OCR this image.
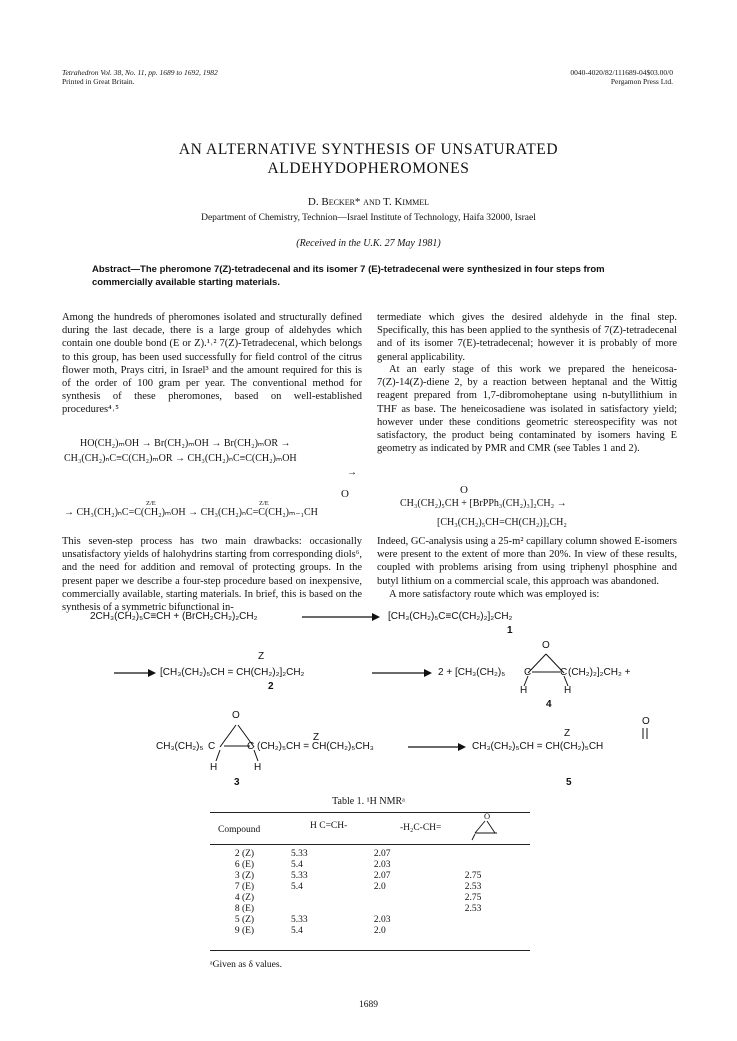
Tetrahedron Vol. 38, No. 11, pp. 1689 to 1692, 1982
Printed in Great Britain.
0040-4020/82/111689-04$03.00/0
Pergamon Press Ltd.
AN ALTERNATIVE SYNTHESIS OF UNSATURATED
ALDEHYDOPHEROMONES
D. Becker* and T. Kimmel
Department of Chemistry, Technion—Israel Institute of Technology, Haifa 32000, Israel
(Received in the U.K. 27 May 1981)
Abstract—The pheromone 7(Z)-tetradecenal and its isomer 7 (E)-tetradecenal were synthesized in four steps from commercially available starting materials.

Among the hundreds of pheromones isolated and structurally defined during the last decade, there is a large group of aldehydes which contain one double bond (E or Z).¹˒² 7(Z)-Tetradecenal, which belongs to this group, has been used successfully for field control of the citrus flower moth, Prays citri, in Israel³ and the amount required for this is of the order of 100 gram per year. The conventional method for synthesis of these pheromones, based on well-established procedures⁴˒⁵

HO(CH₂)ₘOH → Br(CH₂)ₘOH → Br(CH₂)ₘOR →
CH₃(CH₂)ₙC≡C(CH₂)ₘOR → CH₃(CH₂)ₙC≡C(CH₂)ₘOH
→
O
Z/E	Z/E
→ CH₃(CH₂)ₙC=C(CH₂)ₘOH → CH₃(CH₂)ₙC=C(CH₂)ₘ₋₁CH
This seven-step process has two main drawbacks: occasionally unsatisfactory yields of halohydrins starting from corresponding diols⁶, and the need for addition and removal of protecting groups. In the present paper we describe a four-step procedure based on inexpensive, commercially available, starting materials. In brief, this is based on the synthesis of a symmetric bifunctional in-
termediate which gives the desired aldehyde in the final step. Specifically, this has been applied to the synthesis of 7(Z)-tetradecenal and of its isomer 7(E)-tetradecenal; however it is probably of more general applicability.
At an early stage of this work we prepared the heneicosa-7(Z)-14(Z)-diene 2, by a reaction between heptanal and the Wittig reagent prepared from 1,7-dibromoheptane using n-butyllithium in THF as base. The heneicosadiene was isolated in satisfactory yield; however under these conditions geometric stereospecifity was not satisfactory, the product being contaminated by isomers having E geometry as indicated by PMR and CMR (see Tables 1 and 2).
O
CH₃(CH₂)₅CH + [BrPPh₃(CH₂)₃]₂CH₂ →
[CH₃(CH₂)₅CH=CH(CH₂)]₂CH₂
Indeed, GC-analysis using a 25-m² capillary column showed E-isomers were present to the extent of more than 20%. In view of these results, coupled with problems arising from using triphenyl phosphine and butyl lithium on a commercial scale, this approach was abandoned.
A more satisfactory route which was employed is:
2CH₃(CH₂)₅C≡CH + (BrCH₂CH₂)₂CH₂	[CH₃(CH₂)₅C≡C(CH₂)₂]₂CH₂
1
Z
[CH₃(CH₂)₅CH = CH(CH₂)₂]₂CH₂
2
2 + [CH₃(CH₂)₅
O
C	C (CH₂)₂]₂CH₂ +
H	H
4
O
Z
CH₃(CH₂)₅ C	C (CH₂)₅CH = CH(CH₂)₅CH₃
H	H
3
O
Z
CH₃(CH₂)₅CH = CH(CH₂)₅CH
5
Table 1. ¹H NMRᵃ
Compound	H C=CH-	-H₂C-CH=
O
2 (Z)	5.33	2.07	
6 (E)	5.4	2.03	
3 (Z)	5.33	2.07	2.75
7 (E)	5.4	2.0	2.53
4 (Z)			2.75
8 (E)			2.53
5 (Z)	5.33	2.03	
9 (E)	5.4	2.0	
ᵃGiven as δ values.
1689
